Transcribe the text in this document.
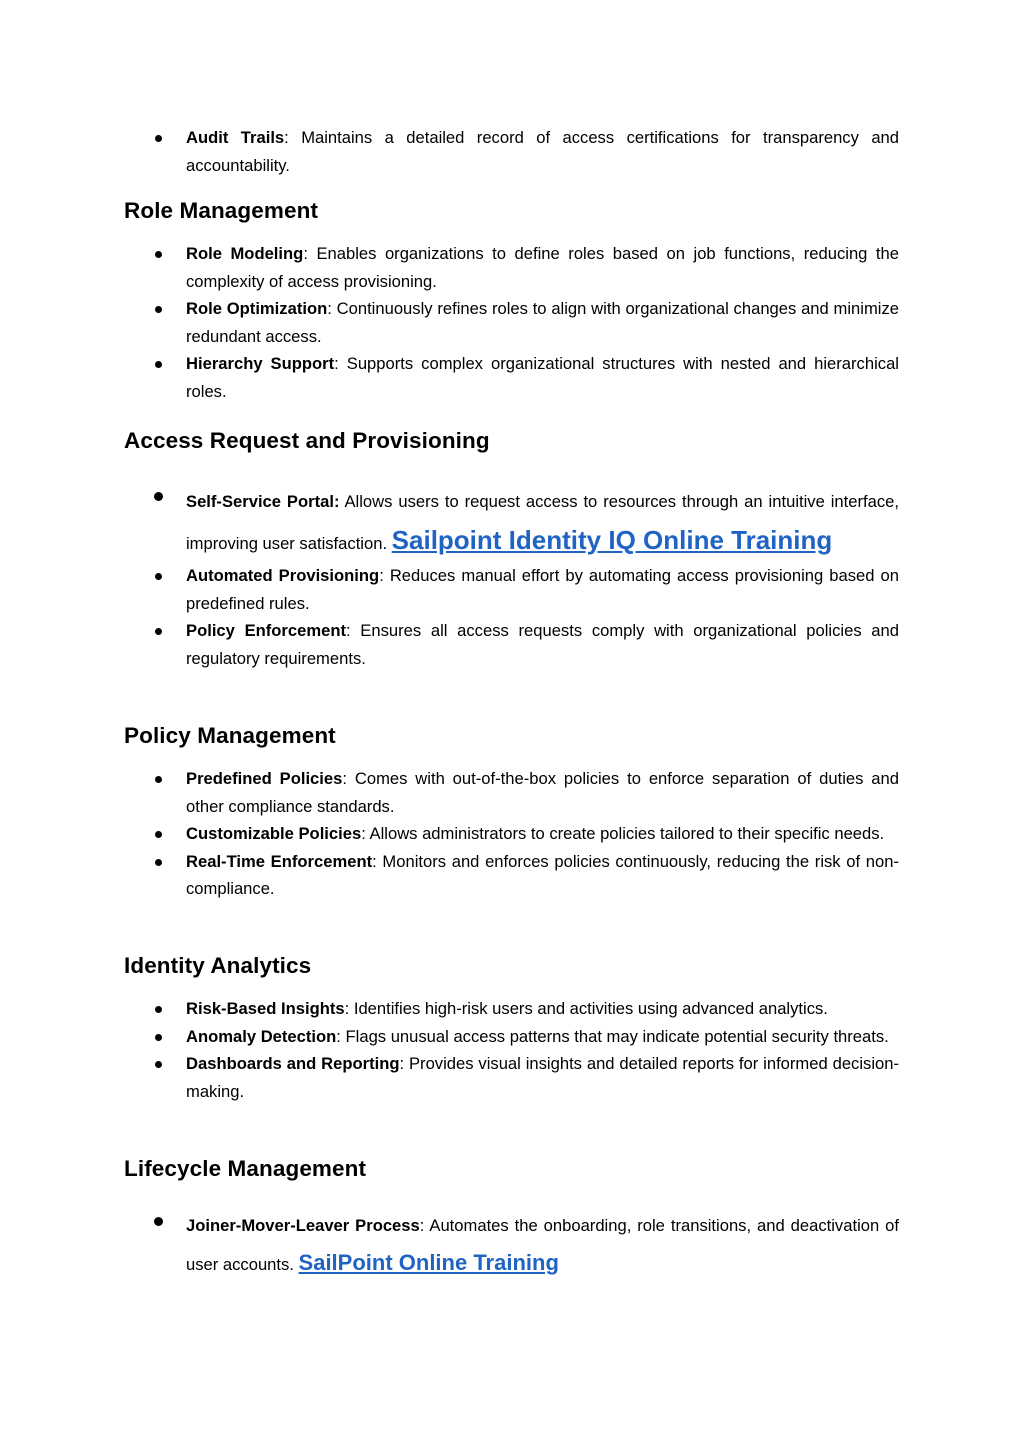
Audit Trails: Maintains a detailed record of access certifications for transparency and accountability.
Role Management
Role Modeling: Enables organizations to define roles based on job functions, reducing the complexity of access provisioning.
Role Optimization: Continuously refines roles to align with organizational changes and minimize redundant access.
Hierarchy Support: Supports complex organizational structures with nested and hierarchical roles.
Access Request and Provisioning
Self-Service Portal: Allows users to request access to resources through an intuitive interface, improving user satisfaction. Sailpoint Identity IQ Online Training
Automated Provisioning: Reduces manual effort by automating access provisioning based on predefined rules.
Policy Enforcement: Ensures all access requests comply with organizational policies and regulatory requirements.
Policy Management
Predefined Policies: Comes with out-of-the-box policies to enforce separation of duties and other compliance standards.
Customizable Policies: Allows administrators to create policies tailored to their specific needs.
Real-Time Enforcement: Monitors and enforces policies continuously, reducing the risk of non-compliance.
Identity Analytics
Risk-Based Insights: Identifies high-risk users and activities using advanced analytics.
Anomaly Detection: Flags unusual access patterns that may indicate potential security threats.
Dashboards and Reporting: Provides visual insights and detailed reports for informed decision-making.
Lifecycle Management
Joiner-Mover-Leaver Process: Automates the onboarding, role transitions, and deactivation of user accounts. SailPoint Online Training
